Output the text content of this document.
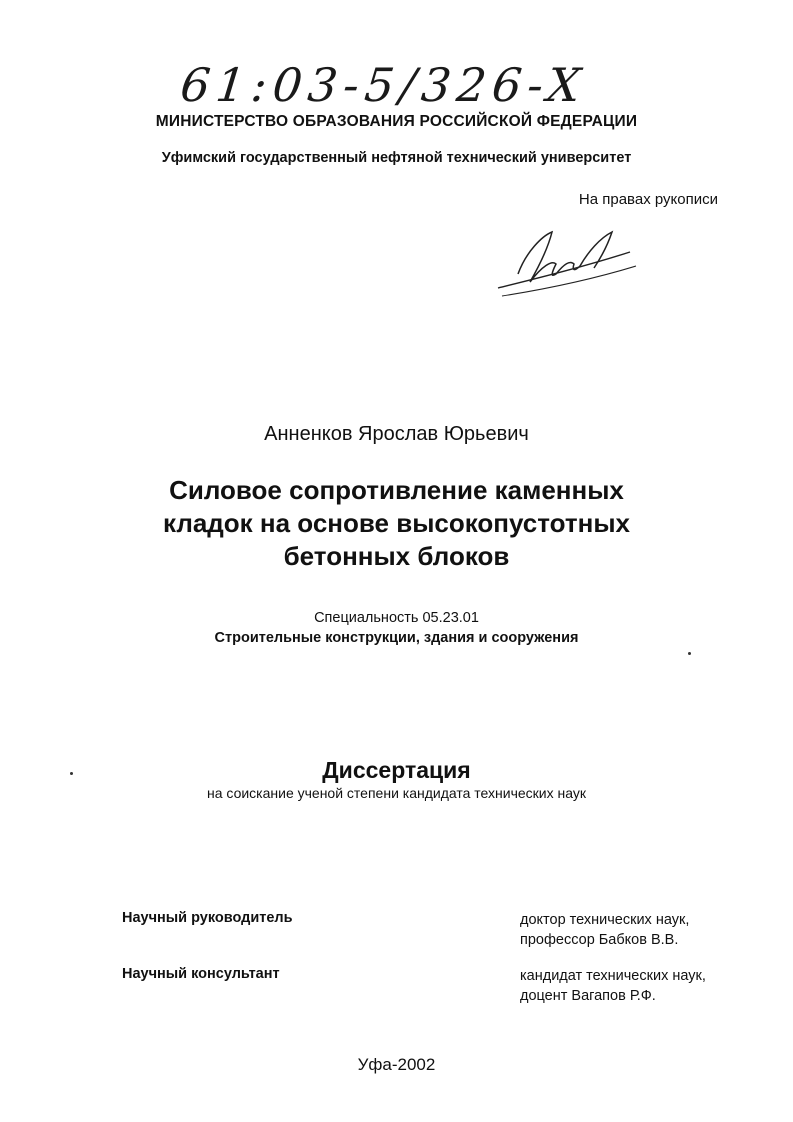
61:03-5/326-X
МИНИСТЕРСТВО ОБРАЗОВАНИЯ РОССИЙСКОЙ ФЕДЕРАЦИИ
Уфимский государственный нефтяной технический университет
На правах рукописи
Анненков Ярослав Юрьевич
Силовое сопротивление каменных
кладок на основе высокопустотных
бетонных блоков
Специальность 05.23.01
Строительные конструкции, здания и сооружения
Диссертация
на соискание ученой степени кандидата технических наук
Научный руководитель	доктор технических наук,
профессор Бабков В.В.
Научный консультант	кандидат технических наук,
доцент Вагапов Р.Ф.
Уфа-2002
